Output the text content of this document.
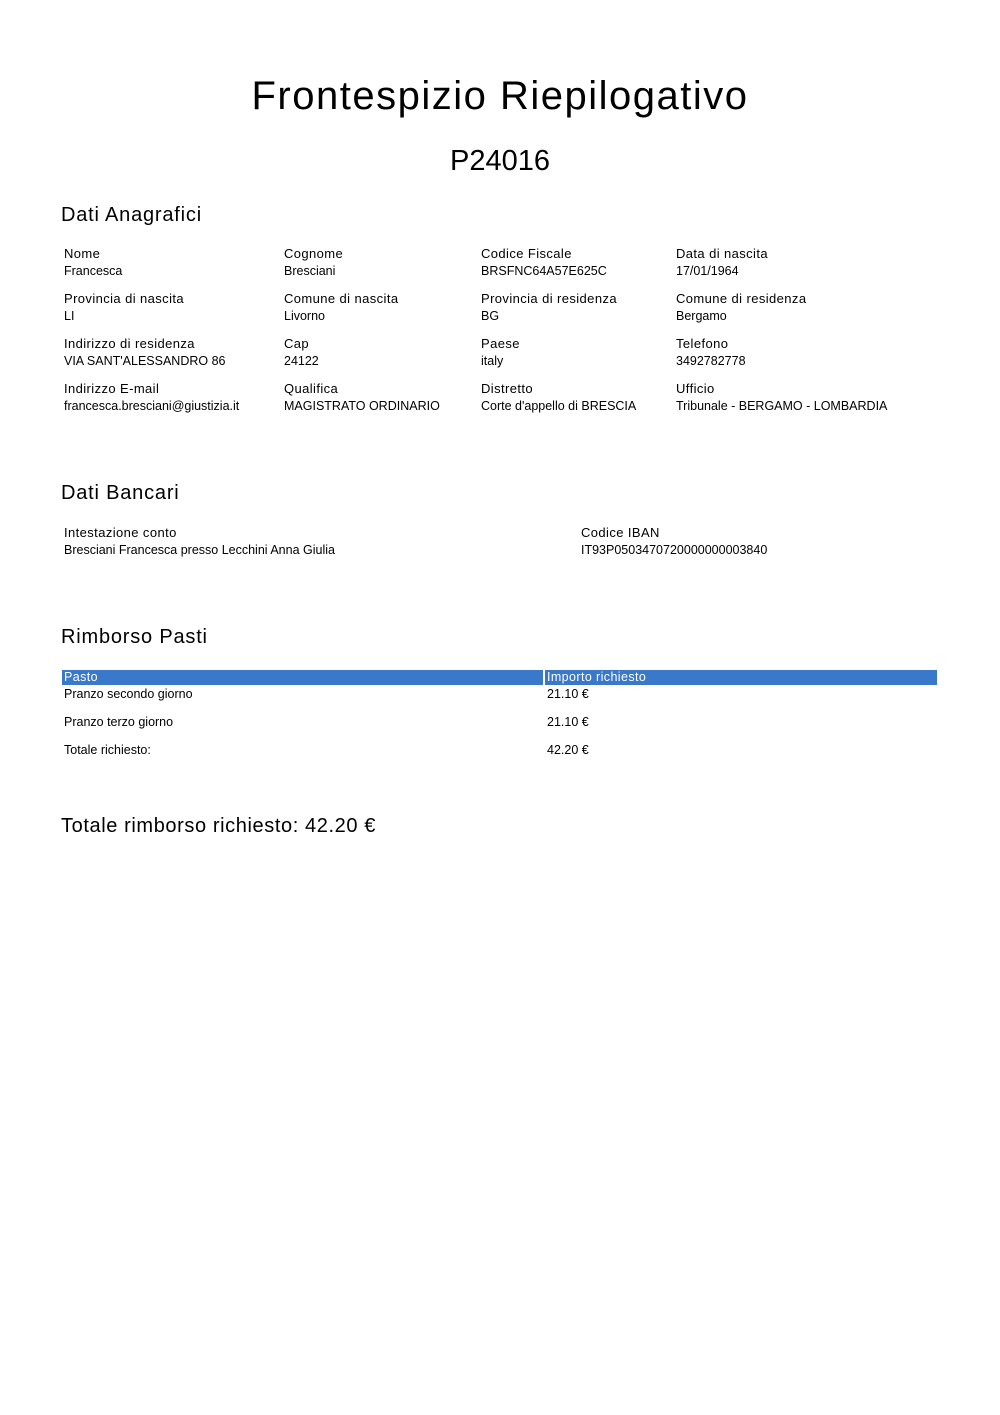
Frontespizio Riepilogativo
P24016
Dati Anagrafici
Nome
Francesca
Cognome
Bresciani
Codice Fiscale
BRSFNC64A57E625C
Data di nascita
17/01/1964
Provincia di nascita
LI
Comune di nascita
Livorno
Provincia di residenza
BG
Comune di residenza
Bergamo
Indirizzo di residenza
VIA SANT'ALESSANDRO 86
Cap
24122
Paese
italy
Telefono
3492782778
Indirizzo E-mail
francesca.bresciani@giustizia.it
Qualifica
MAGISTRATO ORDINARIO
Distretto
Corte d'appello di BRESCIA
Ufficio
Tribunale - BERGAMO - LOMBARDIA
Dati Bancari
Intestazione conto
Bresciani Francesca presso Lecchini Anna Giulia
Codice IBAN
IT93P0503470720000000003840
Rimborso Pasti
Pasto	Importo richiesto
Pranzo secondo giorno	21.10 €
Pranzo terzo giorno	21.10 €
Totale richiesto:	42.20 €
Totale rimborso richiesto: 42.20 €
